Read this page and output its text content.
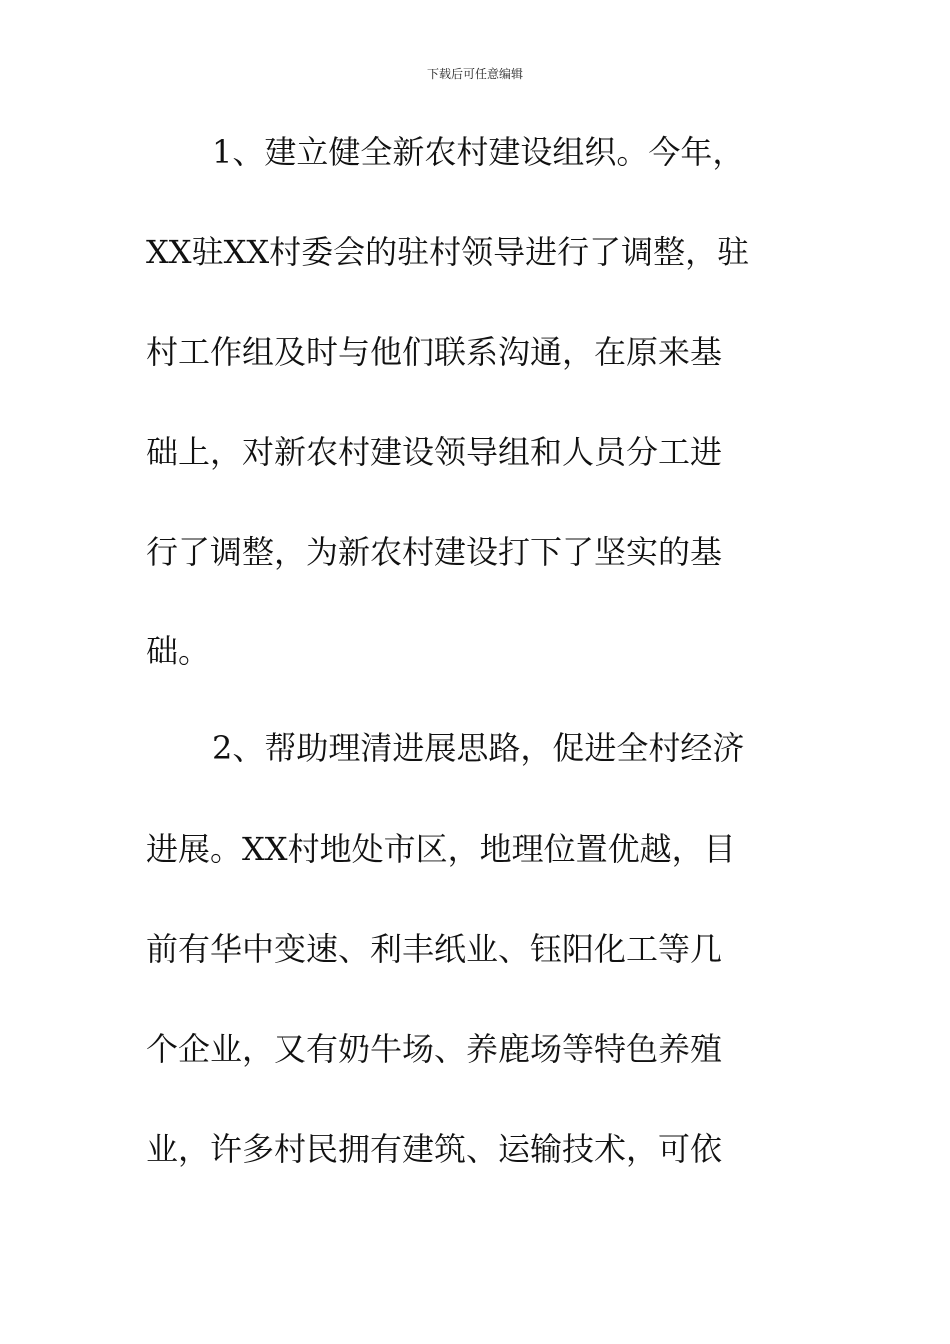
下载后可任意编辑
1、建立健全新农村建设组织。今年，
XX驻XX村委会的驻村领导进行了调整，驻
村工作组及时与他们联系沟通，在原来基
础上，对新农村建设领导组和人员分工进
行了调整，为新农村建设打下了坚实的基
础。
2、帮助理清进展思路，促进全村经济
进展。XX村地处市区，地理位置优越，目
前有华中变速、利丰纸业、钰阳化工等几
个企业，又有奶牛场、养鹿场等特色养殖
业，许多村民拥有建筑、运输技术，可依
